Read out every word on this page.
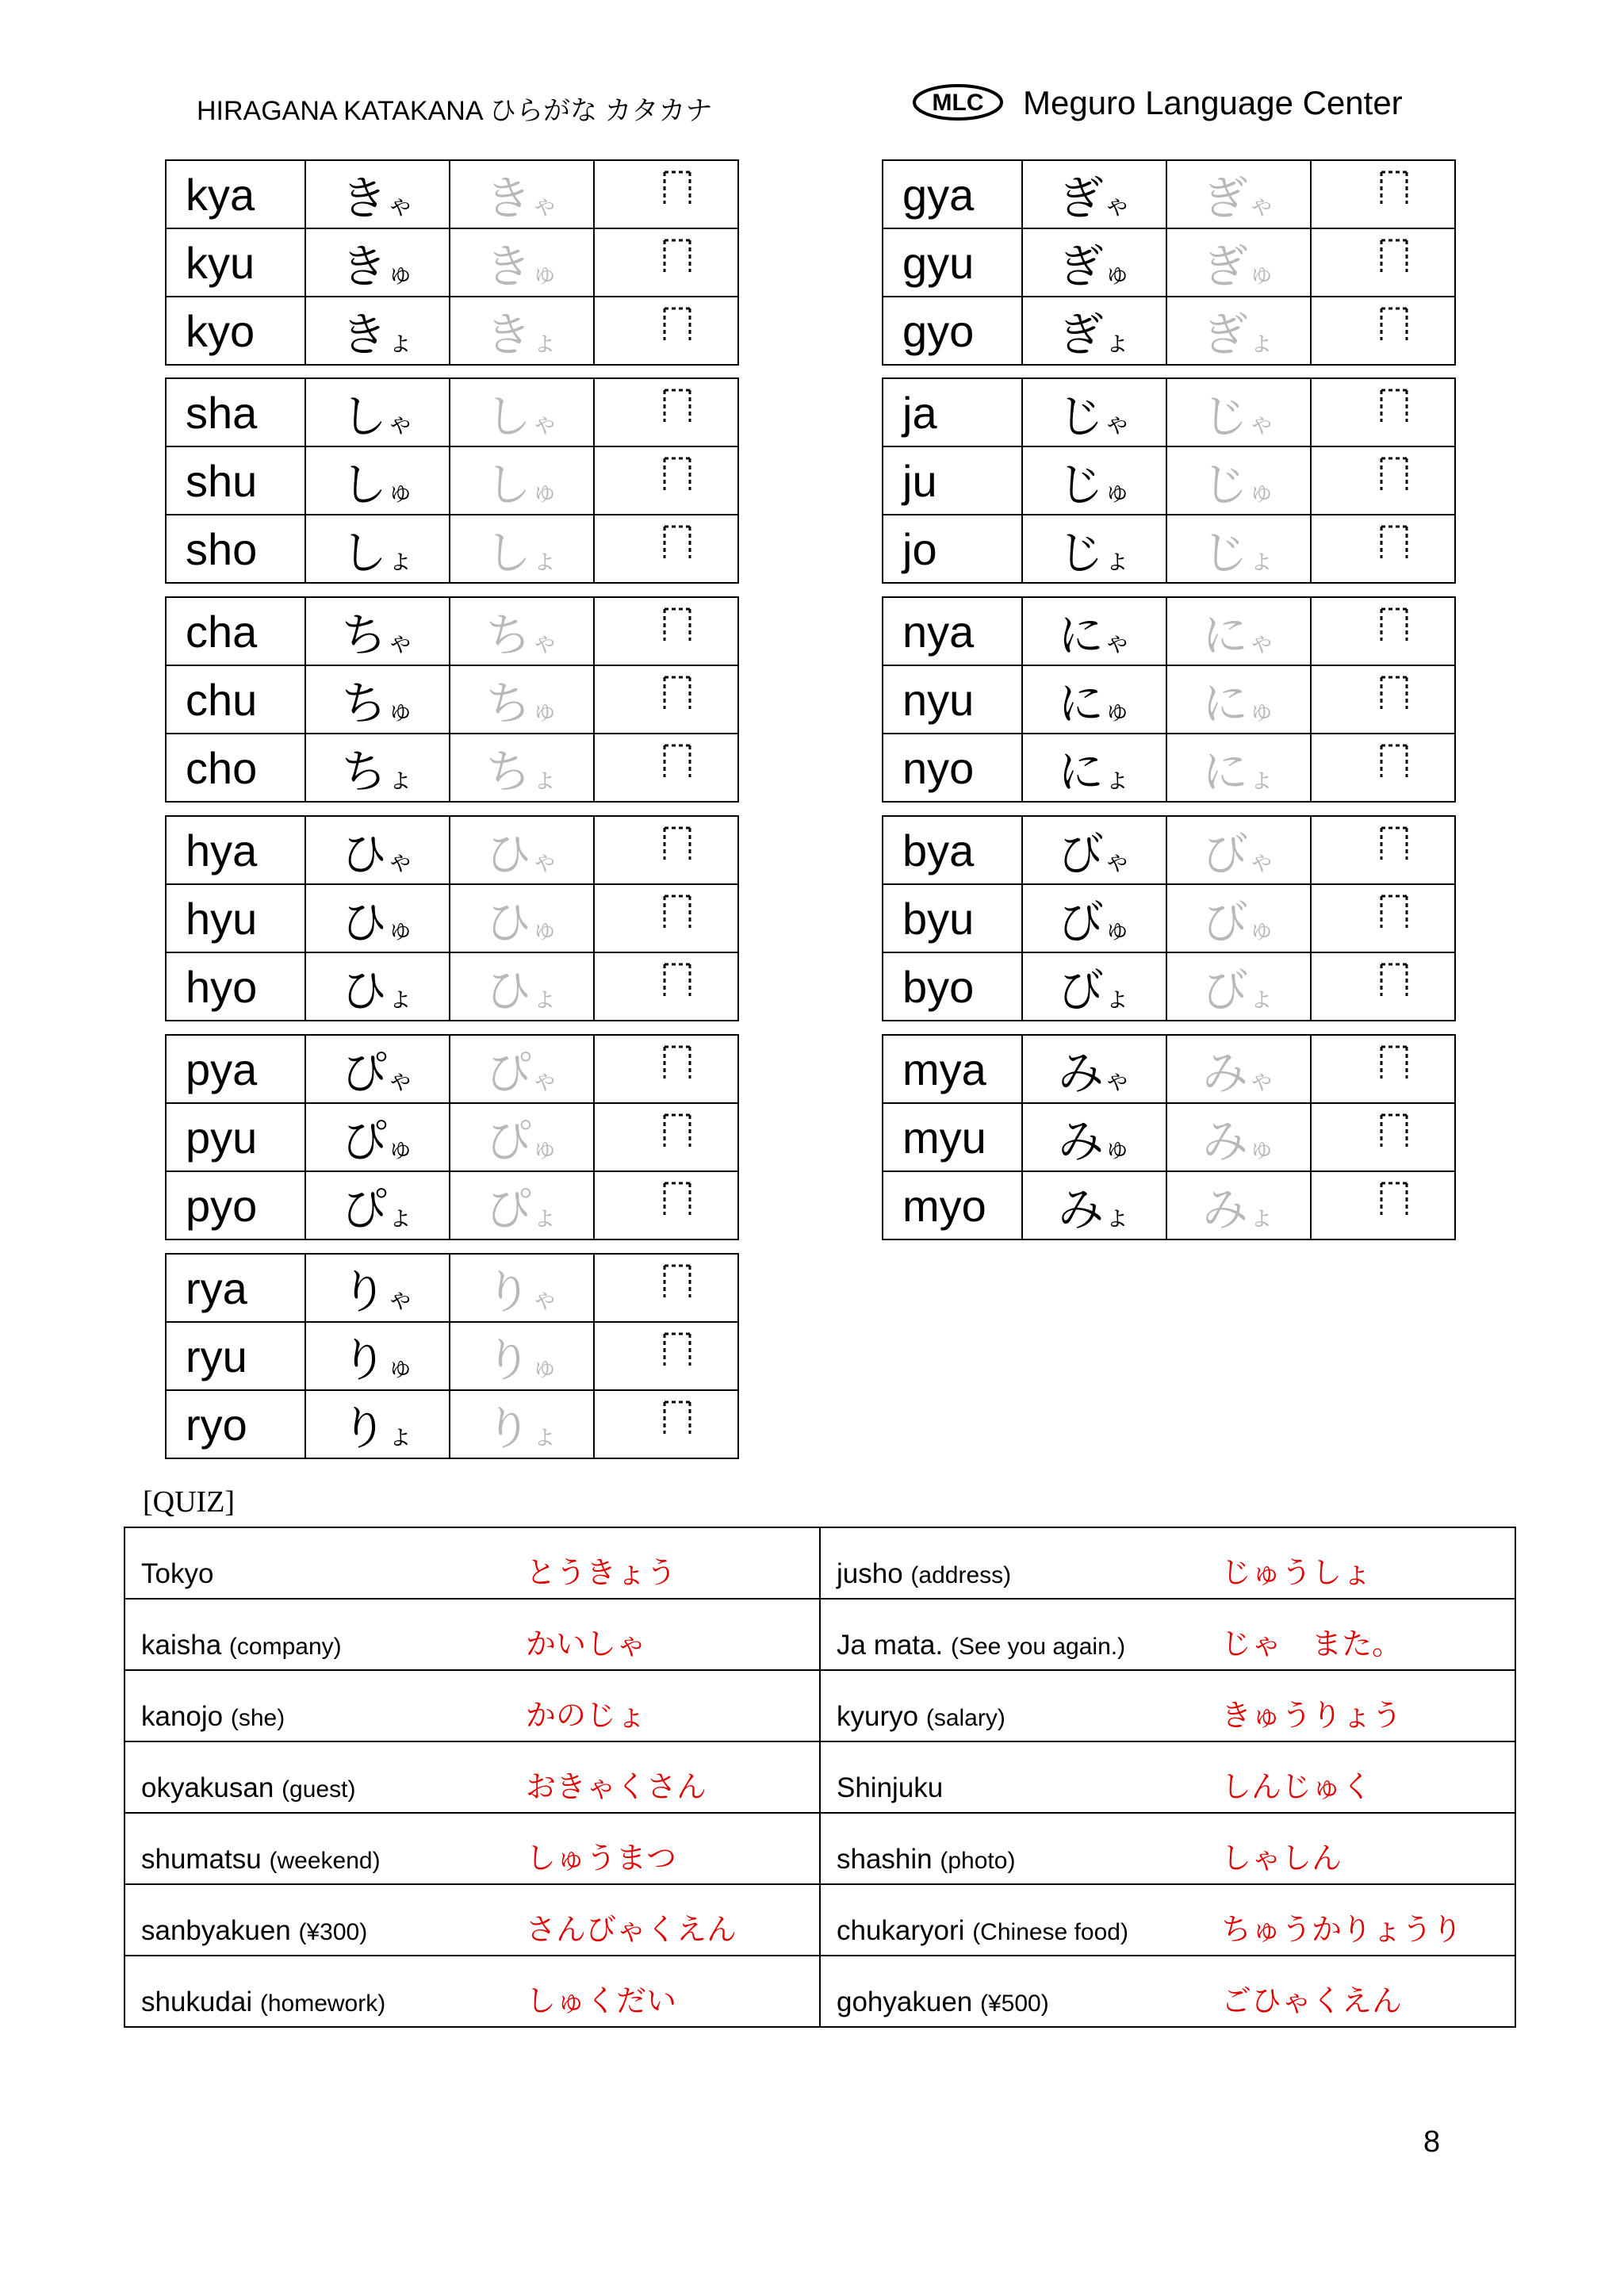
HIRAGANA KATAKANA ひらがな カタカナ	MLC Meguro Language Center
kya	きゃ	きゃ	

kyu	きゅ	きゅ	

kyo	きょ	きょ	
sha	しゃ	しゃ	

shu	しゅ	しゅ	

sho	しょ	しょ	
cha	ちゃ	ちゃ	

chu	ちゅ	ちゅ	

cho	ちょ	ちょ	
hya	ひゃ	ひゃ	

hyu	ひゅ	ひゅ	

hyo	ひょ	ひょ	
pya	ぴゃ	ぴゃ	

pyu	ぴゅ	ぴゅ	

pyo	ぴょ	ぴょ	
rya	りゃ	りゃ	

ryu	りゅ	りゅ	

ryo	りょ	りょ	
gya	ぎゃ	ぎゃ	

gyu	ぎゅ	ぎゅ	

gyo	ぎょ	ぎょ	
ja	じゃ	じゃ	

ju	じゅ	じゅ	

jo	じょ	じょ	
nya	にゃ	にゃ	

nyu	にゅ	にゅ	

nyo	にょ	にょ	
bya	びゃ	びゃ	

byu	びゅ	びゅ	

byo	びょ	びょ	
mya	みゃ	みゃ	

myu	みゅ	みゅ	

myo	みょ	みょ	
[QUIZ]
Tokyo	とうきょう	jusho (address)	じゅうしょ
kaisha (company)	かいしゃ	Ja mata. (See you again.)	じゃ　また。
kanojo (she)	かのじょ	kyuryo (salary)	きゅうりょう
okyakusan (guest)	おきゃくさん	Shinjuku	しんじゅく
shumatsu (weekend)	しゅうまつ	shashin (photo)	しゃしん
sanbyakuen (¥300)	さんびゃくえん	chukaryori (Chinese food)	ちゅうかりょうり
shukudai (homework)	しゅくだい	gohyakuen (¥500)	ごひゃくえん
8
